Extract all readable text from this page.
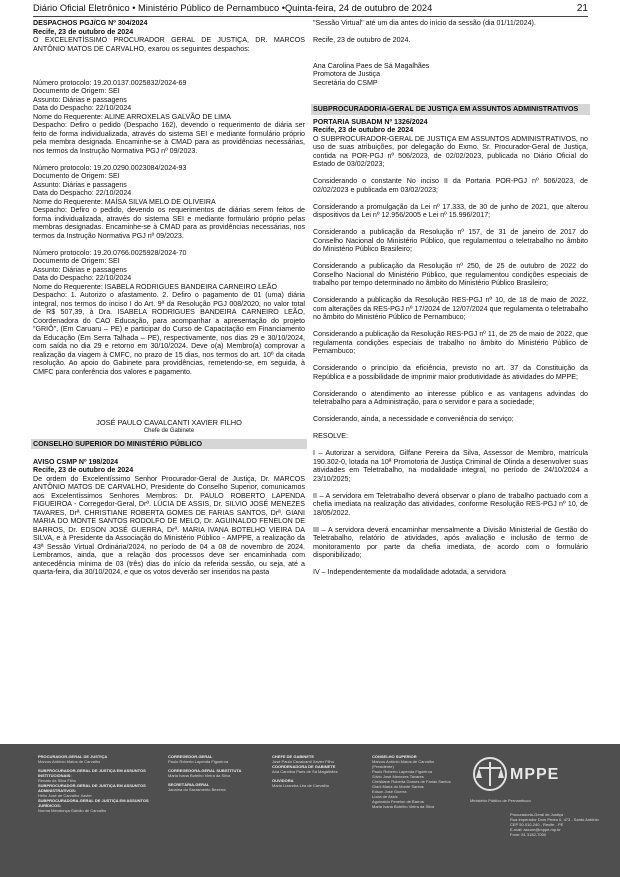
Diário Oficial Eletrônico • Ministério Público de Pernambuco •Quinta-feira, 24 de outubro de 2024	21

DESPACHOS PGJ/CG Nº 304/2024

Recife, 23 de outubro de 2024

O EXCELENTÍSSIMO PROCURADOR GERAL DE JUSTIÇA, DR. MARCOS ANTÔNIO MATOS DE CARVALHO, exarou os seguintes despachos:

Número protocolo: 19.20.0137.0025832/2024-69

Documento de Origem: SEI

Assunto: Diárias e passagens

Data do Despacho: 22/10/2024

Nome do Requerente: ALINE ARROXELAS GALVÃO DE LIMA

Despacho: Defiro o pedido (Despacho 162), devendo o requerimento de diária ser feito de forma individualizada, através do sistema SEI e mediante formulário próprio pela membra designada. Encaminhe-se à CMAD para as providências necessárias, nos termos da Instrução Normativa PGJ nº 09/2023.

Número protocolo: 19.20.0290.0023084/2024-93

Documento de Origem: SEI

Assunto: Diárias e passagens

Data do Despacho: 22/10/2024

Nome do Requerente: MAÍSA SILVA MELO DE OLIVEIRA

Despacho: Defiro o pedido, devendo os requerimentos de diárias serem feitos de forma individualizada, através do sistema SEI e mediante formulário próprio pelas membras designadas. Encaminhe-se à CMAD para as providências necessárias, nos termos da Instrução Normativa PGJ nº 09/2023.

Número protocolo: 19.20.0766.0025928/2024-70

Documento de Origem: SEI

Assunto: Diárias e passagens

Data do Despacho: 22/10/2024

Nome do Requerente: ISABELA RODRIGUES BANDEIRA CARNEIRO LEÃO

Despacho: 1. Autorizo o afastamento. 2. Defiro o pagamento de 01 (uma) diária integral, nos termos do inciso I do Art. 9ª da Resolução PGJ 008/2020, no valor total de R$ 507,39, à Dra. ISABELA RODRIGUES BANDEIRA CARNEIRO LEÃO, Coordenadora do CAO Educação, para acompanhar a apresentação do projeto "GRIÔ", (Em Caruaru – PE) e participar do Curso de Capacitação em Financiamento da Educação (Em Serra Talhada – PE), respectivamente, nos dias 29 e 30/10/2024, com saída no dia 29 e retorno em 30/10/2024. Deve o(a) Membro(a) comprovar a realização da viagem à CMFC, no prazo de 15 dias, nos termos do art. 10º da citada resolução. Ao apoio do Gabinete para providências, remetendo-se, em seguida, à CMFC para conferência dos valores e pagamento.

JOSÉ PAULO CAVALCANTI XAVIER FILHO

Chefe de Gabinete

CONSELHO SUPERIOR DO MINISTÉRIO PÚBLICO

AVISO CSMP Nº 198/2024

Recife, 23 de outubro de 2024

De ordem do Excelentíssimo Senhor Procurador-Geral de Justiça, Dr. MARCOS ANTÔNIO MATOS DE CARVALHO, Presidente do Conselho Superior, comunicamos aos Excelentíssimos Senhores Membros: Dr. PAULO ROBERTO LAPENDA FIGUEIROA - Corregedor-Geral, Drª. LÚCIA DE ASSIS, Dr. SILVIO JOSÉ MENEZES TAVARES, Drª. CHRISTIANE ROBERTA GOMES DE FARIAS SANTOS, Drª. GIANI MARIA DO MONTE SANTOS RODOLFO DE MELO, Dr. AGUINALDO FENELON DE BARROS, Dr. EDSON JOSÉ GUERRA, Drª. MARIA IVANA BOTELHO VIEIRA DA SILVA, e à Presidente da Associação do Ministério Público - AMPPE, a realização da 43ª Sessão Virtual Ordinária/2024, no período de 04 a 08 de novembro de 2024. Lembramos, ainda, que a relação dos processos deve ser encaminhada com antecedência mínima de 03 (três) dias do início da referida sessão, ou seja, até a quarta-feira, dia 30/10/2024, e que os votos deverão ser inseridos na pasta

"Sessão Virtual" até um dia antes do início da sessão (dia 01/11/2024).

Recife, 23 de outubro de 2024.

Ana Carolina Paes de Sá Magalhães

Promotora de Justiça

Secretária do CSMP

SUBPROCURADORIA-GERAL DE JUSTIÇA EM ASSUNTOS ADMINISTRATIVOS

PORTARIA SUBADM Nº 1326/2024

Recife, 23 de outubro de 2024

O SUBPROCURADOR-GERAL DE JUSTIÇA EM ASSUNTOS ADMINISTRATIVOS, no uso de suas atribuições, por delegação do Exmo. Sr. Procurador-Geral de Justiça, contida na POR-PGJ nº 506/2023, de 02/02/2023, publicada no Diário Oficial do Estado de 03/02/2023;

Considerando o constante No inciso II da Portaria POR-PGJ nº 506/2023, de 02/02/2023 e publicada em 03/02/2023;

Considerando a promulgação da Lei nº 17.333, de 30 de junho de 2021, que alterou dispositivos da Lei nº 12.956/2005 e Lei nº 15.996/2017;

Considerando a publicação da Resolução nº 157, de 31 de janeiro de 2017 do Conselho Nacional do Ministério Público, que regulamentou o teletrabalho no âmbito do Ministério Público Brasileiro;

Considerando a publicação da Resolução nº 250, de 25 de outubro de 2022 do Conselho Nacional do Ministério Público, que regulamentou condições especiais de trabalho por tempo determinado no âmbito do Ministério Público Brasileiro;

Considerando a publicação da Resolução RES-PGJ nº 10, de 18 de maio de 2022, com alterações da RES-PGJ nº 17/2024 de 12/07/2024 que regulamenta o teletrabalho no âmbito do Ministério Público de Pernambuco;

Considerando a publicação da Resolução RES-PGJ nº 11, de 25 de maio de 2022, que regulamenta condições especiais de trabalho no âmbito do Ministério Público de Pernambuco;

Considerando o princípio da eficiência, previsto no art. 37 da Constituição da República e a possibilidade de imprimir maior produtividade às atividades do MPPE;

Considerando o atendimento ao interesse público e as vantagens advindas do teletrabalho para a Administração, para o servidor e para a sociedade;

Considerando, ainda, a necessidade e conveniência do serviço;

RESOLVE:

I – Autorizar a servidora, Gilfane Pereira da Silva, Assessor de Membro, matrícula 190.302-0, lotada na 10ª Promotoria de Justiça Criminal de Olinda a desenvolver suas atividades em Teletrabalho, na modalidade integral, no período de 24/10/2024 a 23/10/2025;

II – A servidora em Teletrabalho deverá observar o plano de trabalho pactuado com a chefia imediata na realização das atividades, conforme Resolução RES-PGJ nº 10, de 18/05/2022.

III – A servidora deverá encaminhar mensalmente a Divisão Ministerial de Gestão do Teletrabalho, relatório de atividades, após avaliação e inclusão de termo de monitoramento por parte da chefia imediata, de acordo com o formulário disponibilizado;

IV – Independentemente da modalidade adotada, a servidora

PROCURADOR-GERAL DE JUSTIÇA
Marcos Antônio Matos de Carvalho
SUBPROCURADOR-GERAL DE JUSTIÇA EM ASSUNTOS INSTITUCIONAIS:
Renato da Silva Filho
SUBPROCURADOR-GERAL DE JUSTIÇA EM ASSUNTOS ADMINISTRATIVOS:
Hélio José de Carvalho Xavier
SUBPROCURADORA-GERAL DE JUSTIÇA EM ASSUNTOS JURÍDICOS:
Norma Mendonça Galvão de Carvalho
CORREGEDOR-GERAL
Paulo Roberto Lapenda Figueiroa
CORREGEDORA-GERAL SUBSTITUTA
Maria Ivana Botelho Vieira da Silva
SECRETÁRIA-GERAL
Janaína do Sacramento Bezerra
CHEFE DE GABINETE
José Paulo Cavalcanti Xavier Filho
COORDENADORA DE GABINETE
Ana Carolina Paes de Sá Magalhães
OUVIDORA
Maria Lizandra Lira de Carvalho
CONSELHO SUPERIOR
Marcos Antônio Matos de Carvalho
(Presidente)
Paulo Roberto Lapenda Figueiroa
Sílvio José Menezes Tavares
Christiane Roberta Gomes de Farias Santos
Giani Maria do Monte Santos
Edson José Guerra
Lúcia de Assis
Aguinaldo Fenelon de Barros
Maria Ivana Botelho Vieira da Silva
MPPE
Ministério Público de Pernambuco
Procuradoria-Geral de Justiça
Rua Imperador Dom Pedro II, 473 - Santo Antônio
CEP 50.010-240 - Recife - PE
E-mail: ascom@mppe.mp.br
Fone: 81 3182-7000
